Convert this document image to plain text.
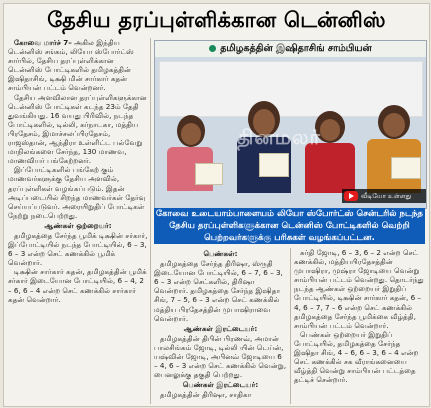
தேசிய தரப்புள்ளிக்கான டென்னிஸ்

கோவை மார்ச் 7– அகில இந்திய டென்னிஸ் சங்கம், லியோ ஸ்போர்ட்ஸ் சார்பில், தேசிய தரப்புள்ளிக்கான டென்னிஸ் போட்டிகளில் தமிழகத்தின் இஷிதாசிங், டிக்ஷி மின் சார்கார் கதன் சாம்பியன் பட்டம் வென்றனர்.

தேசிய அளவிலான தரப்புள்ளிகளுக்கான டென்னிஸ் போட்டிகள் கடந்த 23ம் தேதி துவங்கியது. 16 வயது பிரிவில், நடந்த போட்டிகளில், டில்லி, கர்நாடகா, மத்திய பிரதேசம், இமாச்சலப்பிரதேசம், ராஜஸ்தான், ஆந்திரா உள்ளிட்ட பல்வேறு மாநிலங்களை சேர்ந்த, 130 மாணவ, மாணவியர் பங்கேற்றனர்.

இப்போட்டிகளில் பங்கேற் கும் மாணவர்களுக்கு தேசிய அளவில், தரப்புள்ளிகள் வழங்கப்படும். இதன் அடிப்படையில் சிறந்த மாணவர்கள் தேர்வு செய்யப்படுவர். அரையிறுதிப் போட்டிகள் நேற்று நடைபெற்றது.

ஆண்கள் ஒற்றையர்:

தமிழகத்தை சேர்ந்த பூமிக் டிக்ஷின் சர்கார், இப்போட்டியில் நடந்த போட்டியில், 6 – 3, 6 – 3 என்ற செட் கணக்கில் பூமிக் வென்றார்.

டிக்ஷின் சார்கார் கதன், தமிழகத்தின் பூமிக் சர்கார் இடையோன போட்டியில், 6 – 4, 2 – 6, 6 – 4 என்ற செட் கணக்கில் சார்கார் கதன் வென்றார்.

தமிழகத்தின் இஷிதாசிங் சாம்பியன்
தினமலர்
வீடியோ உள்ளது
கோவை உடையாம்பாளையம் லியோ ஸ்போர்ட்ஸ் சென்டரில் நடந்த தேசிய தரப்புள்ளிகளுக்கான டென்னிஸ் போட்டிகளில் வெற்றி பெற்றவர்களுக்கு பரிசுகள் வழங்கப்பட்டன.

பெண்கள்:

தமிழகத்தை சேர்ந்த திரிஷா, ஸ்ருதி இடையோன போட்டியில், 6 – 7, 6 – 3, 6 – 3 என்ற செட்களில், திரிஷா வென்றார். தமிழகத்தை சேர்ந்த இஷிதா சிங், 7 – 5, 6 – 3 என்ற செட் கணக்கில் மத்திய பிரதேசத்தின் முபாஷிராவை வென்றார்.

ஆண்கள் இரட்டையர்:

தமிழகத்தின் திபின் பிரணவ், அமான் பாலசிங்கம் ஜோடி, டில்லி யின் டெய்ன், யஷ்வின் ஜோடி, அபினவ் ஜோடியை 6 – 4, 6 – 3 என்ற செட் கணக்கில் வென்று, பைனலுக்கு தகுதி பெற்றது.

பெண்கள் இரட்டையர்:

தமிழகத்தின் திரிஷா, சாதிகா

சுர்தி ஜோடி, 6 – 3, 6 – 2 என்ற செட் கணக்கில், மத்தியபிரதேசத்தின் முபாஷிரா, முஷ்ரா ஜோடியை வென்று சாம்பியன் பட்டம் வென்றது. தொடர்ந்து நடந்த ஆண்கள் ஒற்றையர் இறுதிப் போட்டியில், டிக்ஷின் சார்கார் கதன், 6 – 4, 6 – 7, 7 – 6 என்ற செட் கணக்கில் தமிழகத்தை சேர்ந்த பூமிக்கை வீழ்த்தி, சாம்பியன் பட்டம் வென்றார்.

பெண்கள் ஒற்றையர் இறுதிப் போட்டியில், தமிழகத்தை சேர்ந்த இஷிதா சிங், 4 – 6, 6 – 3, 6 – 4 என்ற செட் கணக்கில் சக வீராங்கனையை வீழ்த்தி வென்று சாம்பியன் பட்டத்தை தட்டிச் சென்றார்.
